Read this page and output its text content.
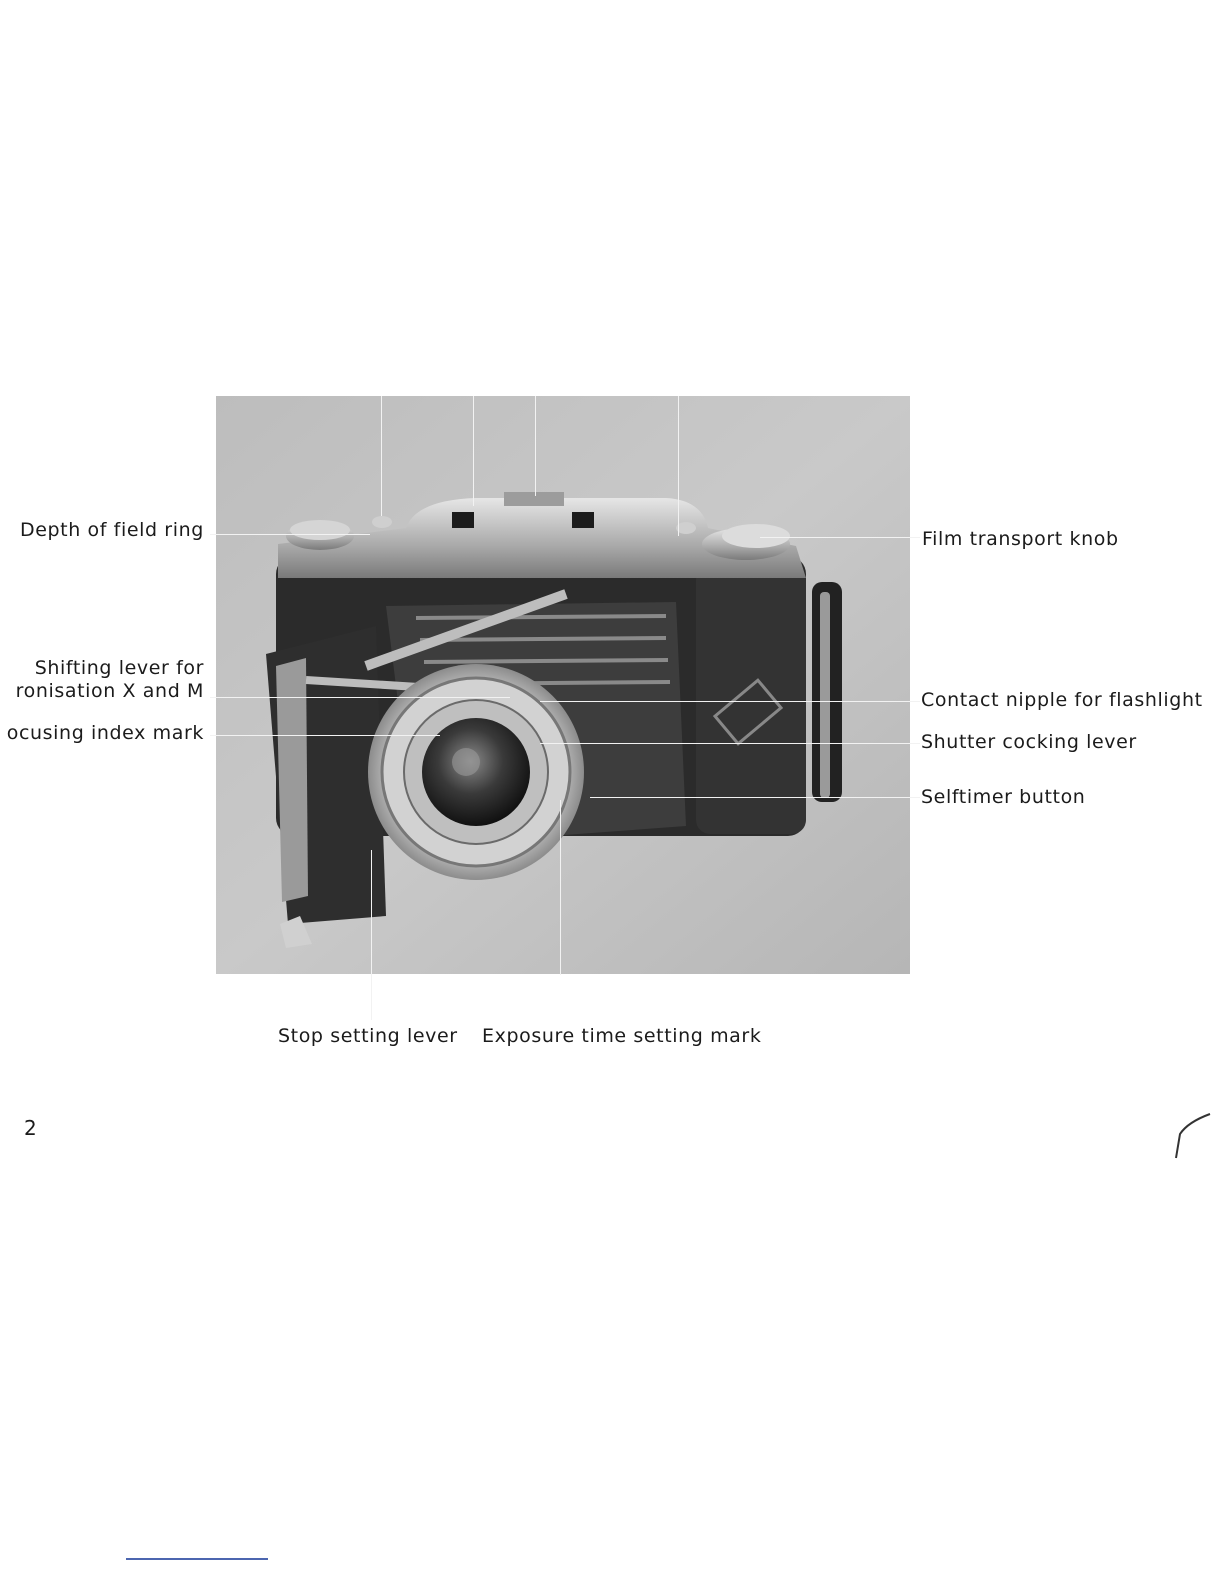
Depth of field ring
Shifting lever for
ronisation X and M
ocusing index mark
Film transport knob
Contact nipple for flashlight
Shutter cocking lever
Selftimer button
Stop setting lever Exposure time setting mark
2
